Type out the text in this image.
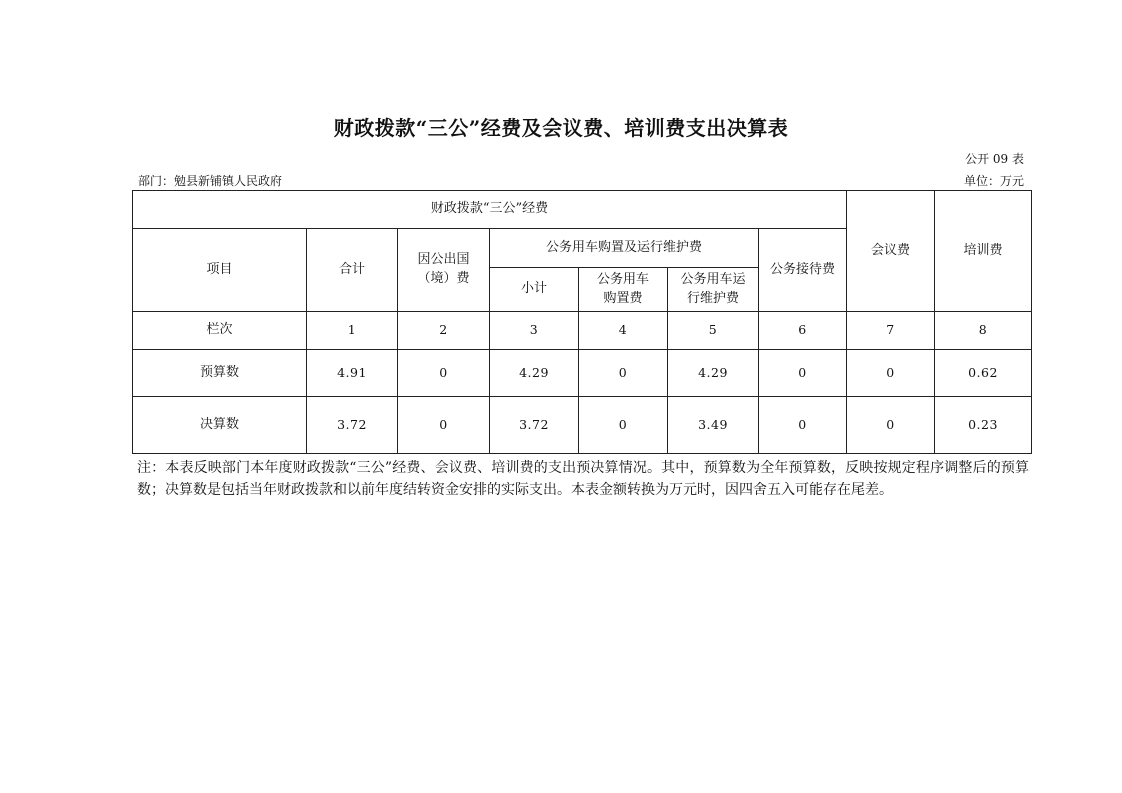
财政拨款“三公”经费及会议费、培训费支出决算表
公开 09 表
部门：勉县新铺镇人民政府	单位：万元
财政拨款“三公”经费							会议费	培训费
项目	合计	因公出国（境）费	公务用车购置及运行维护费			公务接待费		
			小计	公务用车购置费	公务用车运行维护费			
栏次	1	2	3	4	5	6	7	8
预算数	4.91	0	4.29	0	4.29	0	0	0.62
决算数	3.72	0	3.72	0	3.49	0	0	0.23
注：本表反映部门本年度财政拨款“三公”经费、会议费、培训费的支出预决算情况。其中，预算数为全年预算数，反映按规定程序调整后的预算数；决算数是包括当年财政拨款和以前年度结转资金安排的实际支出。本表金额转换为万元时，因四舍五入可能存在尾差。
